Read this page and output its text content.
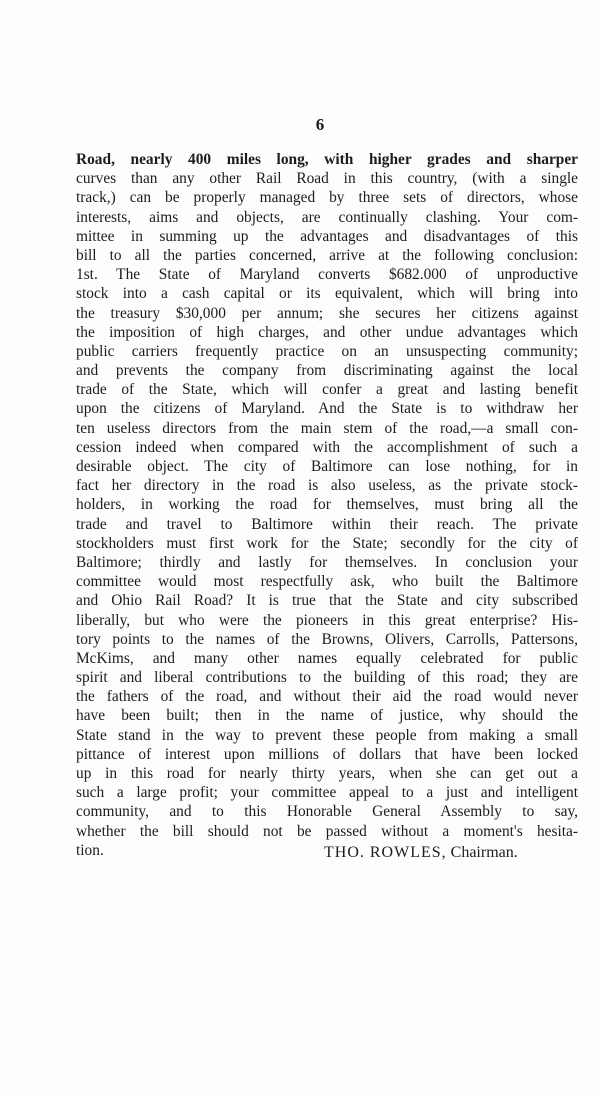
6
Road, nearly 400 miles long, with higher grades and sharper
curves than any other Rail Road in this country, (with a single
track,) can be properly managed by three sets of directors, whose
interests, aims and objects, are continually clashing. Your com-
mittee in summing up the advantages and disadvantages of this
bill to all the parties concerned, arrive at the following conclusion:
1st. The State of Maryland converts $682.000 of unproductive
stock into a cash capital or its equivalent, which will bring into
the treasury $30,000 per annum; she secures her citizens against
the imposition of high charges, and other undue advantages which
public carriers frequently practice on an unsuspecting community;
and prevents the company from discriminating against the local
trade of the State, which will confer a great and lasting benefit
upon the citizens of Maryland. And the State is to withdraw her
ten useless directors from the main stem of the road,—a small con-
cession indeed when compared with the accomplishment of such a
desirable object. The city of Baltimore can lose nothing, for in
fact her directory in the road is also useless, as the private stock-
holders, in working the road for themselves, must bring all the
trade and travel to Baltimore within their reach. The private
stockholders must first work for the State; secondly for the city of
Baltimore; thirdly and lastly for themselves. In conclusion your
committee would most respectfully ask, who built the Baltimore
and Ohio Rail Road? It is true that the State and city subscribed
liberally, but who were the pioneers in this great enterprise? His-
tory points to the names of the Browns, Olivers, Carrolls, Pattersons,
McKims, and many other names equally celebrated for public
spirit and liberal contributions to the building of this road; they are
the fathers of the road, and without their aid the road would never
have been built; then in the name of justice, why should the
State stand in the way to prevent these people from making a small
pittance of interest upon millions of dollars that have been locked
up in this road for nearly thirty years, when she can get out a
such a large profit; your committee appeal to a just and intelligent
community, and to this Honorable General Assembly to say,
whether the bill should not be passed without a moment's hesita-
tion.	THO. ROWLES, Chairman.
